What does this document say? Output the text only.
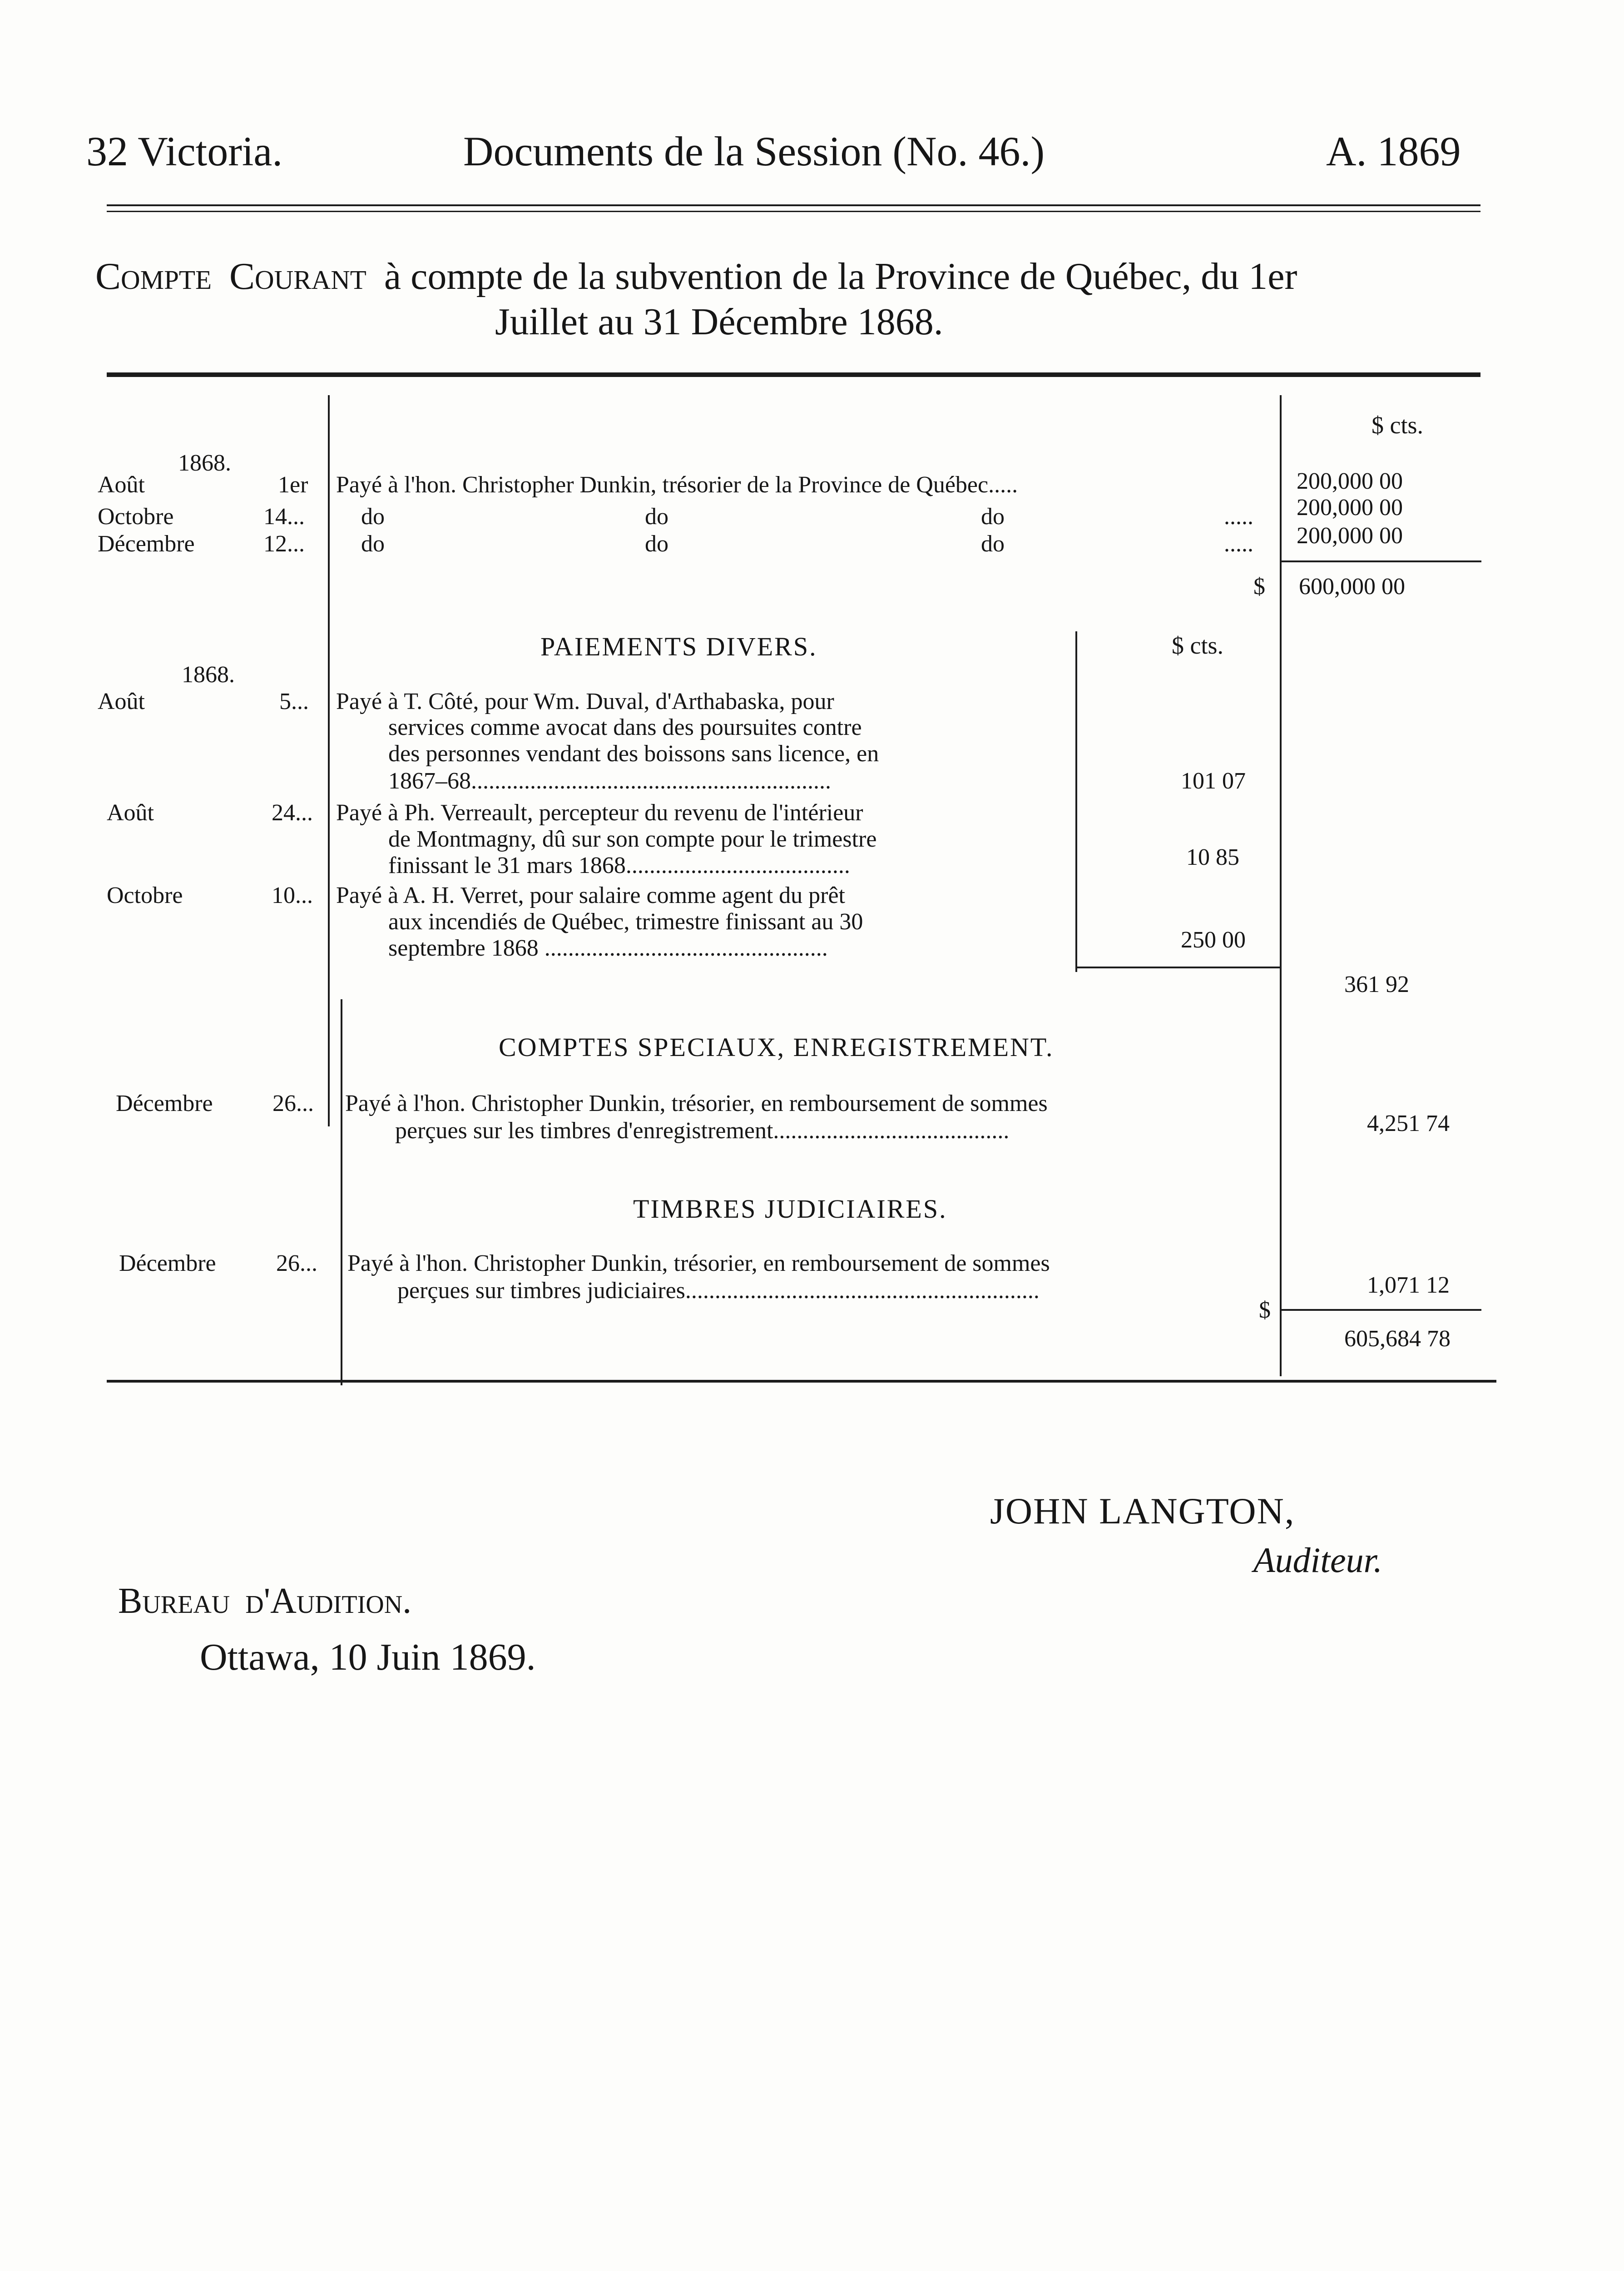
32 Victoria.	Documents de la Session (No. 46.)	A. 1869
Compte Courant à compte de la subvention de la Province de Québec, du 1er
Juillet au 31 Décembre 1868.
$ cts.
1868.
Août	1er Payé à l'hon. Christopher Dunkin, trésorier de la Province de Québec.....	200,000 00
Octobre	14... do	do	do	..... 200,000 00
Décembre	12... do	do	do	..... 200,000 00
$ 600,000 00
PAIEMENTS DIVERS.	$ cts.
1868.
Août	5... Payé à T. Côté, pour Wm. Duval, d'Arthabaska, pour
services comme avocat dans des poursuites contre
des personnes vendant des boissons sans licence, en
1867–68.............................................................	101 07
Août	24... Payé à Ph. Verreault, percepteur du revenu de l'intérieur
de Montmagny, dû sur son compte pour le trimestre
finissant le 31 mars 1868......................................	10 85
Octobre	10... Payé à A. H. Verret, pour salaire comme agent du prêt
aux incendiés de Québec, trimestre finissant au 30
septembre 1868 ................................................	250 00
361 92
COMPTES SPECIAUX, ENREGISTREMENT.
Décembre	26... Payé à l'hon. Christopher Dunkin, trésorier, en remboursement de sommes
perçues sur les timbres d'enregistrement........................................	4,251 74
TIMBRES JUDICIAIRES.
Décembre	26... Payé à l'hon. Christopher Dunkin, trésorier, en remboursement de sommes
perçues sur timbres judiciaires............................................................	1,071 12
$
605,684 78
JOHN LANGTON,
Auditeur.
Bureau d'Audition.
Ottawa, 10 Juin 1869.
